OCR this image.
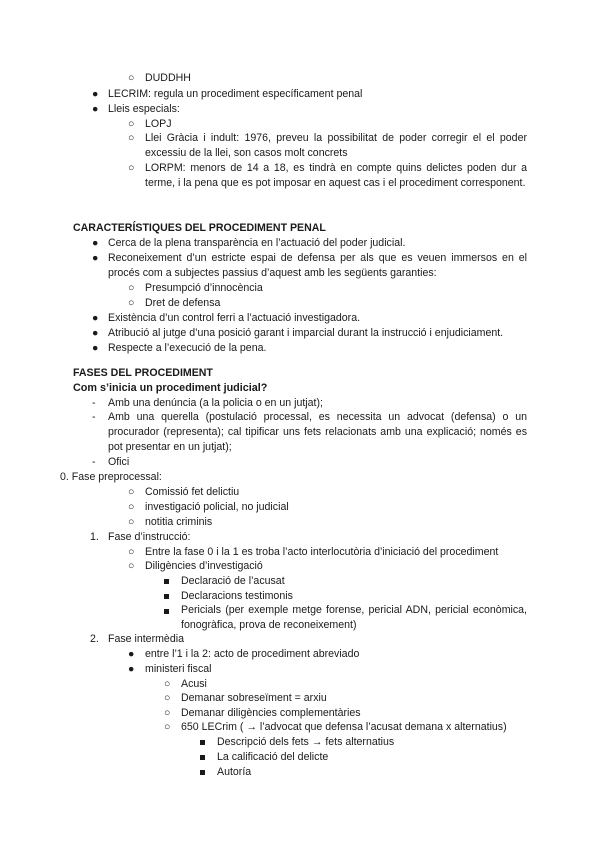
○ DUDDHH
● LECRIM: regula un procediment específicament penal
● Lleis especials:
○ LOPJ
○ Llei Gràcia i indult: 1976, preveu la possibilitat de poder corregir el el poder excessiu de la llei, son casos molt concrets
○ LORPM: menors de 14 a 18, es tindrà en compte quins delictes poden dur a terme, i la pena que es pot imposar en aquest cas i el procediment corresponent.
CARACTERÍSTIQUES DEL PROCEDIMENT PENAL
● Cerca de la plena transparència en l’actuació del poder judicial.
● Reconeixement d’un estricte espai de defensa per als que es veuen immersos en el procés com a subjectes passius d’aquest amb les següents garanties:
○ Presumpció d’innocència
○ Dret de defensa
● Existència d’un control ferri a l’actuació investigadora.
● Atribució al jutge d’una posició garant i imparcial durant la instrucció i enjudiciament.
● Respecte a l’execució de la pena.
FASES DEL PROCEDIMENT
Com s’inicia un procediment judicial?
- Amb una denúncia (a la policia o en un jutjat);
- Amb una querella (postulació processal, es necessita un advocat (defensa) o un procurador (representa); cal tipificar uns fets relacionats amb una explicació; només es pot presentar en un jutjat);
- Ofici
0. Fase preprocessal:
○ Comissió fet delictiu
○ investigació policial, no judicial
○ notitia criminis
1. Fase d’instrucció:
○ Entre la fase 0 i la 1 es troba l’acto interlocutòria d’iniciació del procediment
○ Diligències d’investigació
Declaració de l’acusat
Declaracions testimonis
Pericials (per exemple metge forense, pericial ADN, pericial econòmica, fonogràfica, prova de reconeixement)
2. Fase intermèdia
● entre l’1 i la 2: acto de procediment abreviado
● ministeri fiscal
○ Acusi
○ Demanar sobreseïment = arxiu
○ Demanar diligències complementàries
○ 650 LECrim ( → l’advocat que defensa l’acusat demana x alternatius)
Descripció dels fets → fets alternatius
La calificació del delicte
Autoría
